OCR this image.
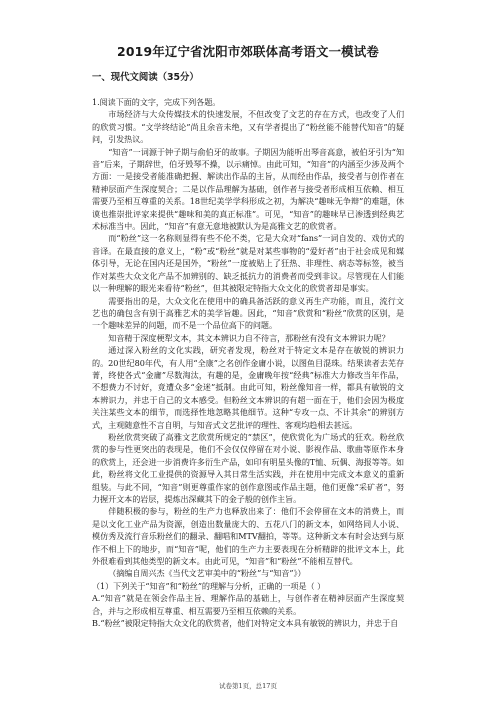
2019年辽宁省沈阳市郊联体高考语文一模试卷
一、现代文阅读（35分）

1.阅读下面的文字，完成下列各题。

市场经济与大众传媒技术的快速发展，不但改变了文艺的存在方式，也改变了人们的欣赏习惯。“文学终结论”尚且余音未绝，又有学者提出了“粉丝能不能替代知音”的疑问，引发热议。

“知音”一词源于钟子期与俞伯牙的故事。子期因为能听出琴音高意，被伯牙引为“知音”后来，子期辞世，伯牙毁琴不操，以示痛悼。由此可知，“知音”的内涵至少涉及两个方面：一是接受者能准确把握、解读出作品的主旨，从而经由作品，接受者与创作者在精神层面产生深度契合；二是以作品理解为基础，创作者与接受者形成相互依赖、相互需要乃至相互尊重的关系。18世纪美学学科形成之初，为解决“趣味无争辩”的难题，休谟也推崇批评家来提供“趣味和美的真正标准”。可见，“知音”的趣味早已渗透到经典艺术标准当中。因此，“知音”有意无意地被默认为是高雅文艺的欣赏者。

而“粉丝”这一名称则显得有些不伦不类，它是大众对“fans”一词自发的、戏仿式的音译。在最直接的意义上，“粉”或“粉丝”就是对某些事物的“爱好者”由于社会成见和媒体引导，无论在国内还是国外，“粉丝”一度被贴上了狂热、非理性、病态等标签，被当作对某些大众文化产品不加辨别的、缺乏抵抗力的消费者而受到非议。尽管现在人们能以一种理解的眼光来看待“粉丝”，但其被限定特指大众文化的欣赏者却是事实。

需要指出的是，大众文化在使用中的确具备活跃的意义再生产功能，而且，流行文艺也的确包含有别于高雅艺术的美学旨趣。因此，“知音”欣赏和“粉丝”欣赏的区别，是一个趣味差异的问题，而不是一个品位高下的问题。

知音精于深度梗犁文本，其文本辨识力自不待言，那粉丝有没有文本辨识力呢？

通过深入粉丝的文化实践，研究者发现，粉丝对于特定文本是存在敏锐的辨识力的。20世纪80年代，有人用“全康”之名创作金庸小说，以图鱼目混珠。结果读者去芜存菁，终使各式“金庸”尽数淘汰，有趣的是，金庸晚年按“经典”标准大力修改当年作品，不想费力不讨好，竟遭众多“金迷”抵制。由此可知，粉丝像知音一样，都具有敏锐的文本辨识力，并忠于自己的文本感受。但粉丝文本辨识的有超一面在于，他们会因为极度关注某些文本的细节，而选择性地忽略其他细节。这种“专攻一点、不计其余”的辨别方式，主观随意性不言自明，与知音式文艺批评的理性、客观均趋相去甚远。

粉丝欣赏突破了高雅文艺欣赏所规定的“禁区”，使欣赏化为广场式的狂欢。粉丝欣赏的参与性更突出的表现是，他们不会仅仅停留在对小说、影视作品、歌曲等原作本身的欣赏上，还会进一步消费许多衍生产品，如印有明星头像的T恤、玩偶、海报等等。如此，粉丝将文化工业提供的资源导入其日常生活实践，并在使用中完成文本意义的重新组装。与此不同，“知音”则更尊重作家的创作意图或作品主题，他们更像“采矿者”，努力握开文本的岩层，提炼出深藏其下的金子般的创作主旨。

伴随积极的参与，粉丝的生产力也释放出来了：他们不会停留在文本的消费上，而是以文化工业产品为资源，创造出数量庞大的、五花八门的新文本，如网络同人小说、模仿秀及流行音乐粉丝们的翻录、翻唱和MTV翻拍，等等。这种新文本有时会达到与原作不相上下的地步，而“知音”呢，他们的生产力主要表现在分析精辟的批评文本上，此外很难看到其他类型的新文本。由此可见，“知音”和“粉丝”不能相互替代。

（摘编自周兴杰《当代文艺审美中的“粉丝”与“知音”》）

（1）下列关于“知音”和“粉丝”的理解与分析，正确的一项是（ ）

A.“知音”就是在领会作品主旨、理解作品的基础上，与创作者在精神层面产生深度契合，并与之形成相互尊重、相互需要乃至相互依赖的关系。

B.“粉丝”被限定特指大众文化的欣赏者，他们对特定文本具有敏锐的辨识力，并忠于自

试卷第1页，总17页
